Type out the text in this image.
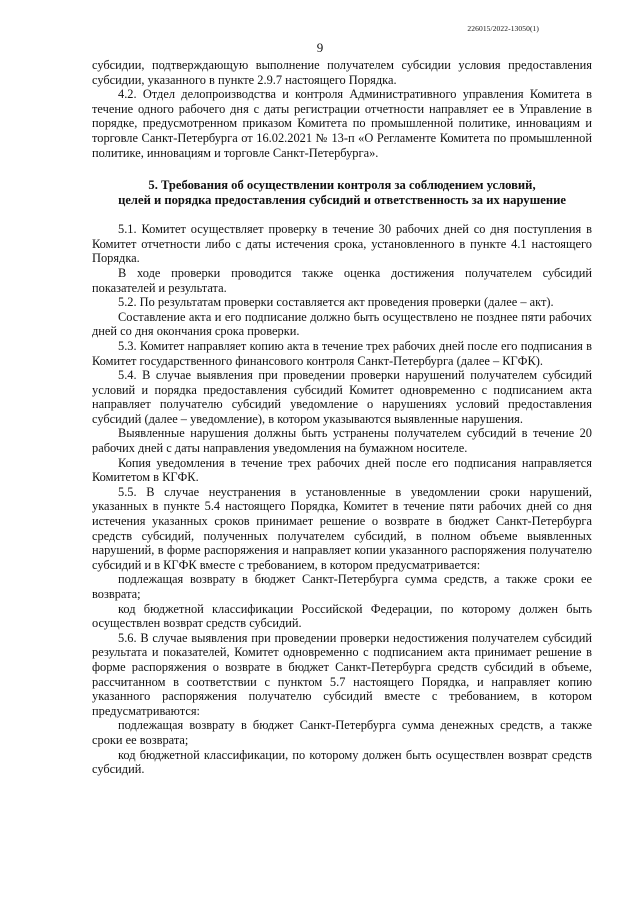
226015/2022-13050(1)
9

субсидии, подтверждающую выполнение получателем субсидии условия предоставления субсидии, указанного в пункте 2.9.7 настоящего Порядка.

4.2. Отдел делопроизводства и контроля Административного управления Комитета в течение одного рабочего дня с даты регистрации отчетности направляет ее в Управление в порядке, предусмотренном приказом Комитета по промышленной политике, инновациям и торговле Санкт-Петербурга от 16.02.2021 № 13-п «О Регламенте Комитета по промышленной политике, инновациям и торговле Санкт-Петербурга».

5. Требования об осуществлении контроля за соблюдением условий,
целей и порядка предоставления субсидий и ответственность за их нарушение

5.1. Комитет осуществляет проверку в течение 30 рабочих дней со дня поступления в Комитет отчетности либо с даты истечения срока, установленного в пункте 4.1 настоящего Порядка.

В ходе проверки проводится также оценка достижения получателем субсидий показателей и результата.

5.2. По результатам проверки составляется акт проведения проверки (далее – акт).

Составление акта и его подписание должно быть осуществлено не позднее пяти рабочих дней со дня окончания срока проверки.

5.3. Комитет направляет копию акта в течение трех рабочих дней после его подписания в Комитет государственного финансового контроля Санкт-Петербурга (далее – КГФК).

5.4. В случае выявления при проведении проверки нарушений получателем субсидий условий и порядка предоставления субсидий Комитет одновременно с подписанием акта направляет получателю субсидий уведомление о нарушениях условий предоставления субсидий (далее – уведомление), в котором указываются выявленные нарушения.

Выявленные нарушения должны быть устранены получателем субсидий в течение 20 рабочих дней с даты направления уведомления на бумажном носителе.

Копия уведомления в течение трех рабочих дней после его подписания направляется Комитетом в КГФК.

5.5. В случае неустранения в установленные в уведомлении сроки нарушений, указанных в пункте 5.4 настоящего Порядка, Комитет в течение пяти рабочих дней со дня истечения указанных сроков принимает решение о возврате в бюджет Санкт-Петербурга средств субсидий, полученных получателем субсидий, в полном объеме выявленных нарушений, в форме распоряжения и направляет копии указанного распоряжения получателю субсидий и в КГФК вместе с требованием, в котором предусматривается:

подлежащая возврату в бюджет Санкт-Петербурга сумма средств, а также сроки ее возврата;

код бюджетной классификации Российской Федерации, по которому должен быть осуществлен возврат средств субсидий.

5.6. В случае выявления при проведении проверки недостижения получателем субсидий результата и показателей, Комитет одновременно с подписанием акта принимает решение в форме распоряжения о возврате в бюджет Санкт-Петербурга средств субсидий в объеме, рассчитанном в соответствии с пунктом 5.7 настоящего Порядка, и направляет копию указанного распоряжения получателю субсидий вместе с требованием, в котором предусматриваются:

подлежащая возврату в бюджет Санкт-Петербурга сумма денежных средств, а также сроки ее возврата;

код бюджетной классификации, по которому должен быть осуществлен возврат средств субсидий.
